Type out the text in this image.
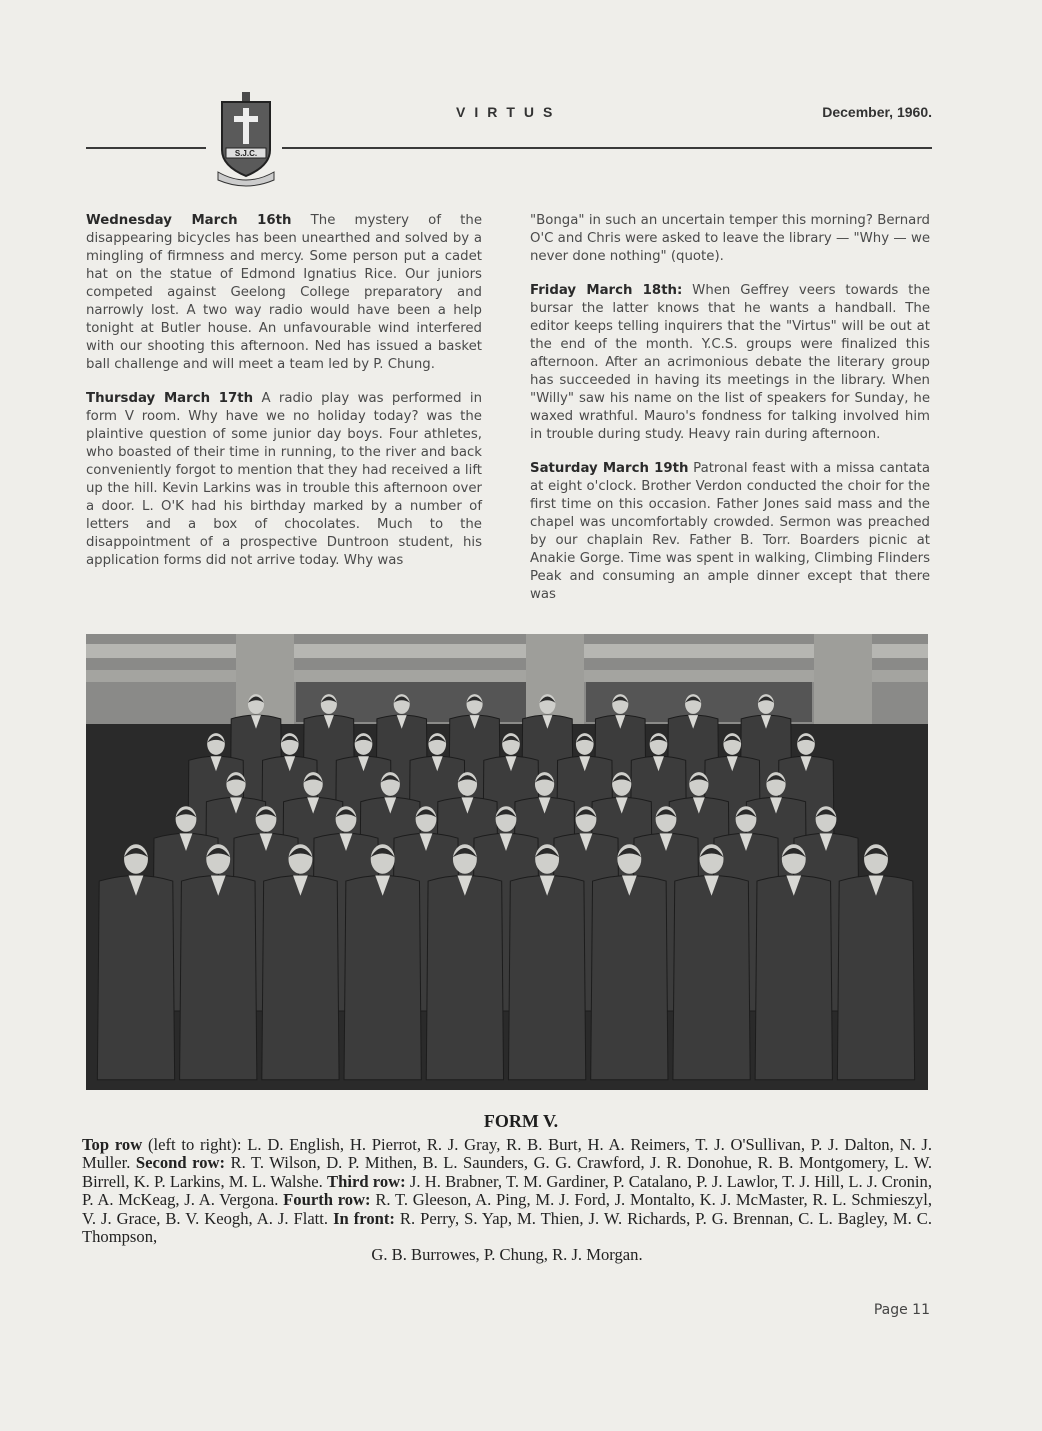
S.J.C.
VIRTUS	December, 1960.

Wednesday March 16th The mystery of the disappearing bicycles has been unearthed and solved by a mingling of firmness and mercy. Some person put a cadet hat on the statue of Edmond Ignatius Rice. Our juniors competed against Geelong College preparatory and narrowly lost. A two way radio would have been a help tonight at Butler house. An unfavourable wind interfered with our shooting this afternoon. Ned has issued a basket ball challenge and will meet a team led by P. Chung.

Thursday March 17th A radio play was performed in form V room. Why have we no holiday today? was the plaintive question of some junior day boys. Four athletes, who boasted of their time in running, to the river and back conveniently forgot to mention that they had received a lift up the hill. Kevin Larkins was in trouble this afternoon over a door. L. O'K had his birthday marked by a number of letters and a box of chocolates. Much to the disappointment of a prospective Duntroon student, his application forms did not arrive today. Why was

"Bonga" in such an uncertain temper this morning? Bernard O'C and Chris were asked to leave the library — "Why — we never done nothing" (quote).

Friday March 18th: When Geffrey veers towards the bursar the latter knows that he wants a handball. The editor keeps telling inquirers that the "Virtus" will be out at the end of the month. Y.C.S. groups were finalized this afternoon. After an acrimonious debate the literary group has succeeded in having its meetings in the library. When "Willy" saw his name on the list of speakers for Sunday, he waxed wrathful. Mauro's fondness for talking involved him in trouble during study. Heavy rain during afternoon.

Saturday March 19th Patronal feast with a missa cantata at eight o'clock. Brother Verdon conducted the choir for the first time on this occasion. Father Jones said mass and the chapel was uncomfortably crowded. Sermon was preached by our chaplain Rev. Father B. Torr. Boarders picnic at Anakie Gorge. Time was spent in walking, Climbing Flinders Peak and consuming an ample dinner except that there was

FORM V.
Top row (left to right): L. D. English, H. Pierrot, R. J. Gray, R. B. Burt, H. A. Reimers, T. J. O'Sullivan, P. J. Dalton, N. J. Muller. Second row: R. T. Wilson, D. P. Mithen, B. L. Saunders, G. G. Crawford, J. R. Donohue, R. B. Montgomery, L. W. Birrell, K. P. Larkins, M. L. Walshe. Third row: J. H. Brabner, T. M. Gardiner, P. Catalano, P. J. Lawlor, T. J. Hill, L. J. Cronin, P. A. McKeag, J. A. Vergona. Fourth row: R. T. Gleeson, A. Ping, M. J. Ford, J. Montalto, K. J. McMaster, R. L. Schmieszyl, V. J. Grace, B. V. Keogh, A. J. Flatt. In front: R. Perry, S. Yap, M. Thien, J. W. Richards, P. G. Brennan, C. L. Bagley, M. C. Thompson,
G. B. Burrowes, P. Chung, R. J. Morgan.
Page 11
